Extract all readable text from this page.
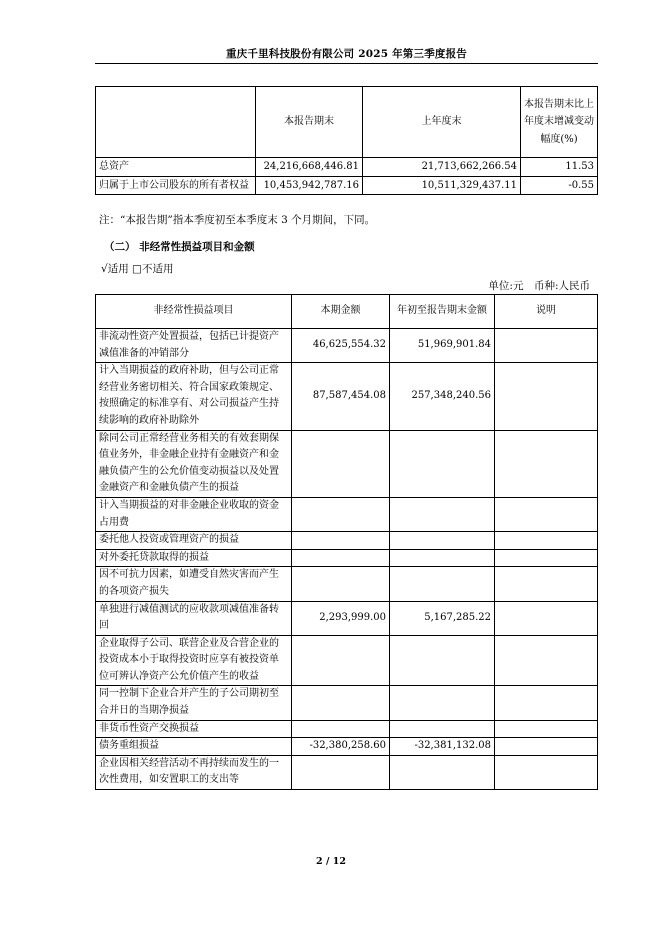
重庆千里科技股份有限公司 2025 年第三季度报告
	本报告期末	上年度末	本报告期末比上年度末增减变动幅度(%)
总资产	24,216,668,446.81	21,713,662,266.54	11.53
归属于上市公司股东的所有者权益	10,453,942,787.16	10,511,329,437.11	-0.55
注：“本报告期”指本季度初至本季度末 3 个月期间，下同。
（二） 非经常性损益项目和金额
√适用 □不适用
单位:元　币种:人民币
非经常性损益项目	本期金额	年初至报告期末金额	说明
非流动性资产处置损益，包括已计提资产减值准备的冲销部分	46,625,554.32	51,969,901.84	
计入当期损益的政府补助，但与公司正常经营业务密切相关、符合国家政策规定、按照确定的标准享有、对公司损益产生持续影响的政府补助除外	87,587,454.08	257,348,240.56	
除同公司正常经营业务相关的有效套期保值业务外，非金融企业持有金融资产和金融负债产生的公允价值变动损益以及处置金融资产和金融负债产生的损益			
计入当期损益的对非金融企业收取的资金占用费			
委托他人投资或管理资产的损益			
对外委托贷款取得的损益			
因不可抗力因素，如遭受自然灾害而产生的各项资产损失			
单独进行减值测试的应收款项减值准备转回	2,293,999.00	5,167,285.22	
企业取得子公司、联营企业及合营企业的投资成本小于取得投资时应享有被投资单位可辨认净资产公允价值产生的收益			
同一控制下企业合并产生的子公司期初至合并日的当期净损益			
非货币性资产交换损益			
债务重组损益	-32,380,258.60	-32,381,132.08	
企业因相关经营活动不再持续而发生的一次性费用，如安置职工的支出等			
2 / 12
